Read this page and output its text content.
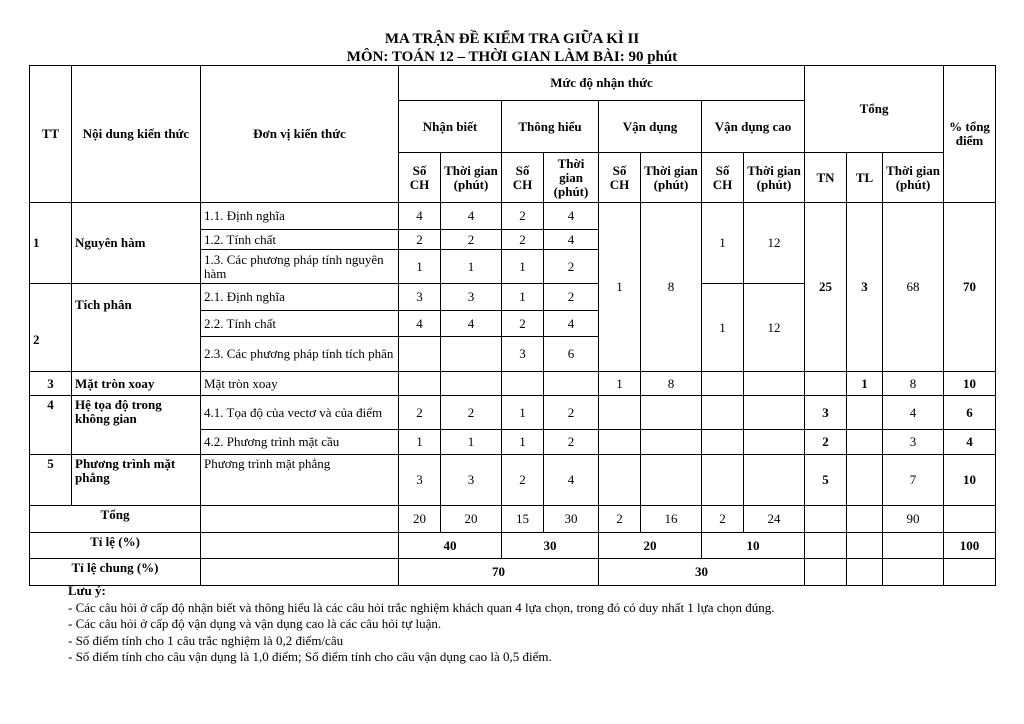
MA TRẬN ĐỀ KIỂM TRA GIỮA KÌ II
MÔN: TOÁN 12 – THỜI GIAN LÀM BÀI: 90 phút
TT	Nội dung kiến thức	Đơn vị kiến thức	Mức độ nhận thức								Tổng			% tổng điểm
			Nhận biết		Thông hiểu		Vận dụng		Vận dụng cao					
			Số CH	Thời gian (phút)	Số CH	Thời gian (phút)	Số CH	Thời gian (phút)	Số CH	Thời gian (phút)	TN	TL	Thời gian (phút)	
1	Nguyên hàm	1.1. Định nghĩa	4	4	2	4	1	8	1	12	25	3	68	70
		1.2. Tính chất	2	2	2	4								
		1.3. Các phương pháp tính nguyên hàm	1	1	1	2								
2	Tích phân	2.1. Định nghĩa	3	3	1	2			1	12				
		2.2. Tính chất	4	4	2	4								
		2.3. Các phương pháp tính tích phân			3	6								
3	Mặt tròn xoay	Mặt tròn xoay					1	8				1	8	10
4	Hệ tọa độ trong không gian	4.1. Tọa độ của vectơ và của điểm	2	2	1	2					3		4	6
		4.2. Phương trình mặt cầu	1	1	1	2					2		3	4
5	Phương trình mặt phẳng	Phương trình mặt phẳng	3	3	2	4					5		7	10
Tổng			20	20	15	30	2	16	2	24			90	
Tỉ lệ (%)			40		30		20		10					100
Tỉ lệ chung (%)			70				30							
Lưu ý:
- Các câu hỏi ở cấp độ nhận biết và thông hiểu là các câu hỏi trắc nghiệm khách quan 4 lựa chọn, trong đó có duy nhất 1 lựa chọn đúng.
- Các câu hỏi ở cấp độ vận dụng và vận dụng cao là các câu hỏi tự luận.
- Số điểm tính cho 1 câu trắc nghiệm là 0,2 điểm/câu
- Số điểm tính cho câu vận dụng là 1,0 điểm; Số điểm tính cho câu vận dụng cao là 0,5 điểm.
